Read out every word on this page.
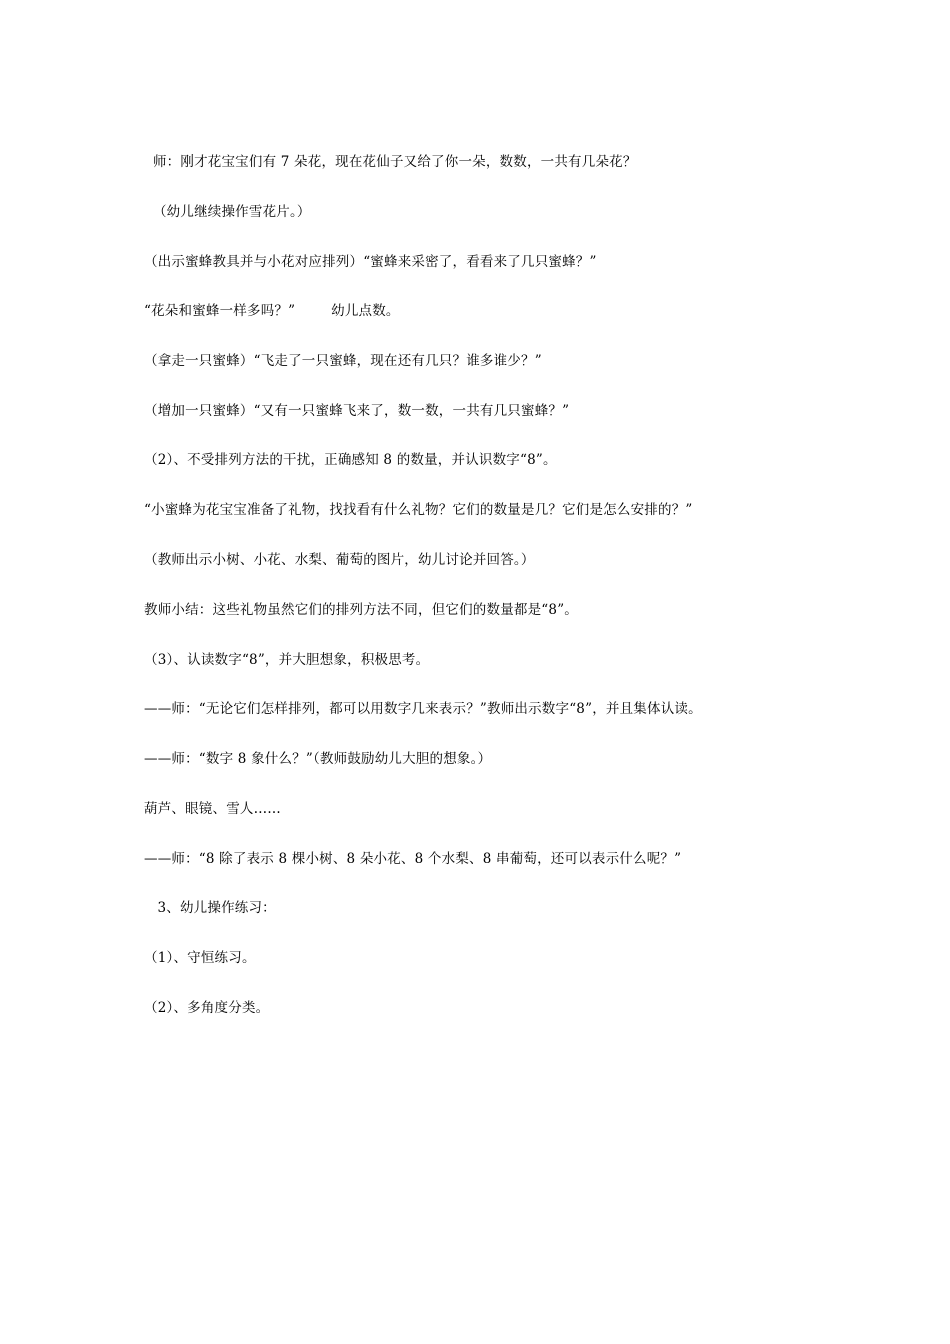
师：刚才花宝宝们有 7 朵花，现在花仙子又给了你一朵，数数，一共有几朵花？
（幼儿继续操作雪花片。）
（出示蜜蜂教具并与小花对应排列）“蜜蜂来采密了，看看来了几只蜜蜂？”
“花朵和蜜蜂一样多吗？”        幼儿点数。
（拿走一只蜜蜂）“飞走了一只蜜蜂，现在还有几只？谁多谁少？”
（增加一只蜜蜂）“又有一只蜜蜂飞来了，数一数，一共有几只蜜蜂？”
（2）、不受排列方法的干扰，正确感知 8 的数量，并认识数字“8”。
“小蜜蜂为花宝宝准备了礼物，找找看有什么礼物？它们的数量是几？它们是怎么安排的？”
（教师出示小树、小花、水梨、葡萄的图片，幼儿讨论并回答。）
教师小结：这些礼物虽然它们的排列方法不同，但它们的数量都是“8”。
（3）、认读数字“8”，并大胆想象，积极思考。
——师：“无论它们怎样排列，都可以用数字几来表示？”教师出示数字“8”，并且集体认读。
——师：“数字 8 象什么？”（教师鼓励幼儿大胆的想象。）
葫芦、眼镜、雪人……
——师：“8 除了表示 8 棵小树、8 朵小花、8 个水梨、8 串葡萄，还可以表示什么呢？”
3、幼儿操作练习：
（1）、守恒练习。
（2）、多角度分类。
